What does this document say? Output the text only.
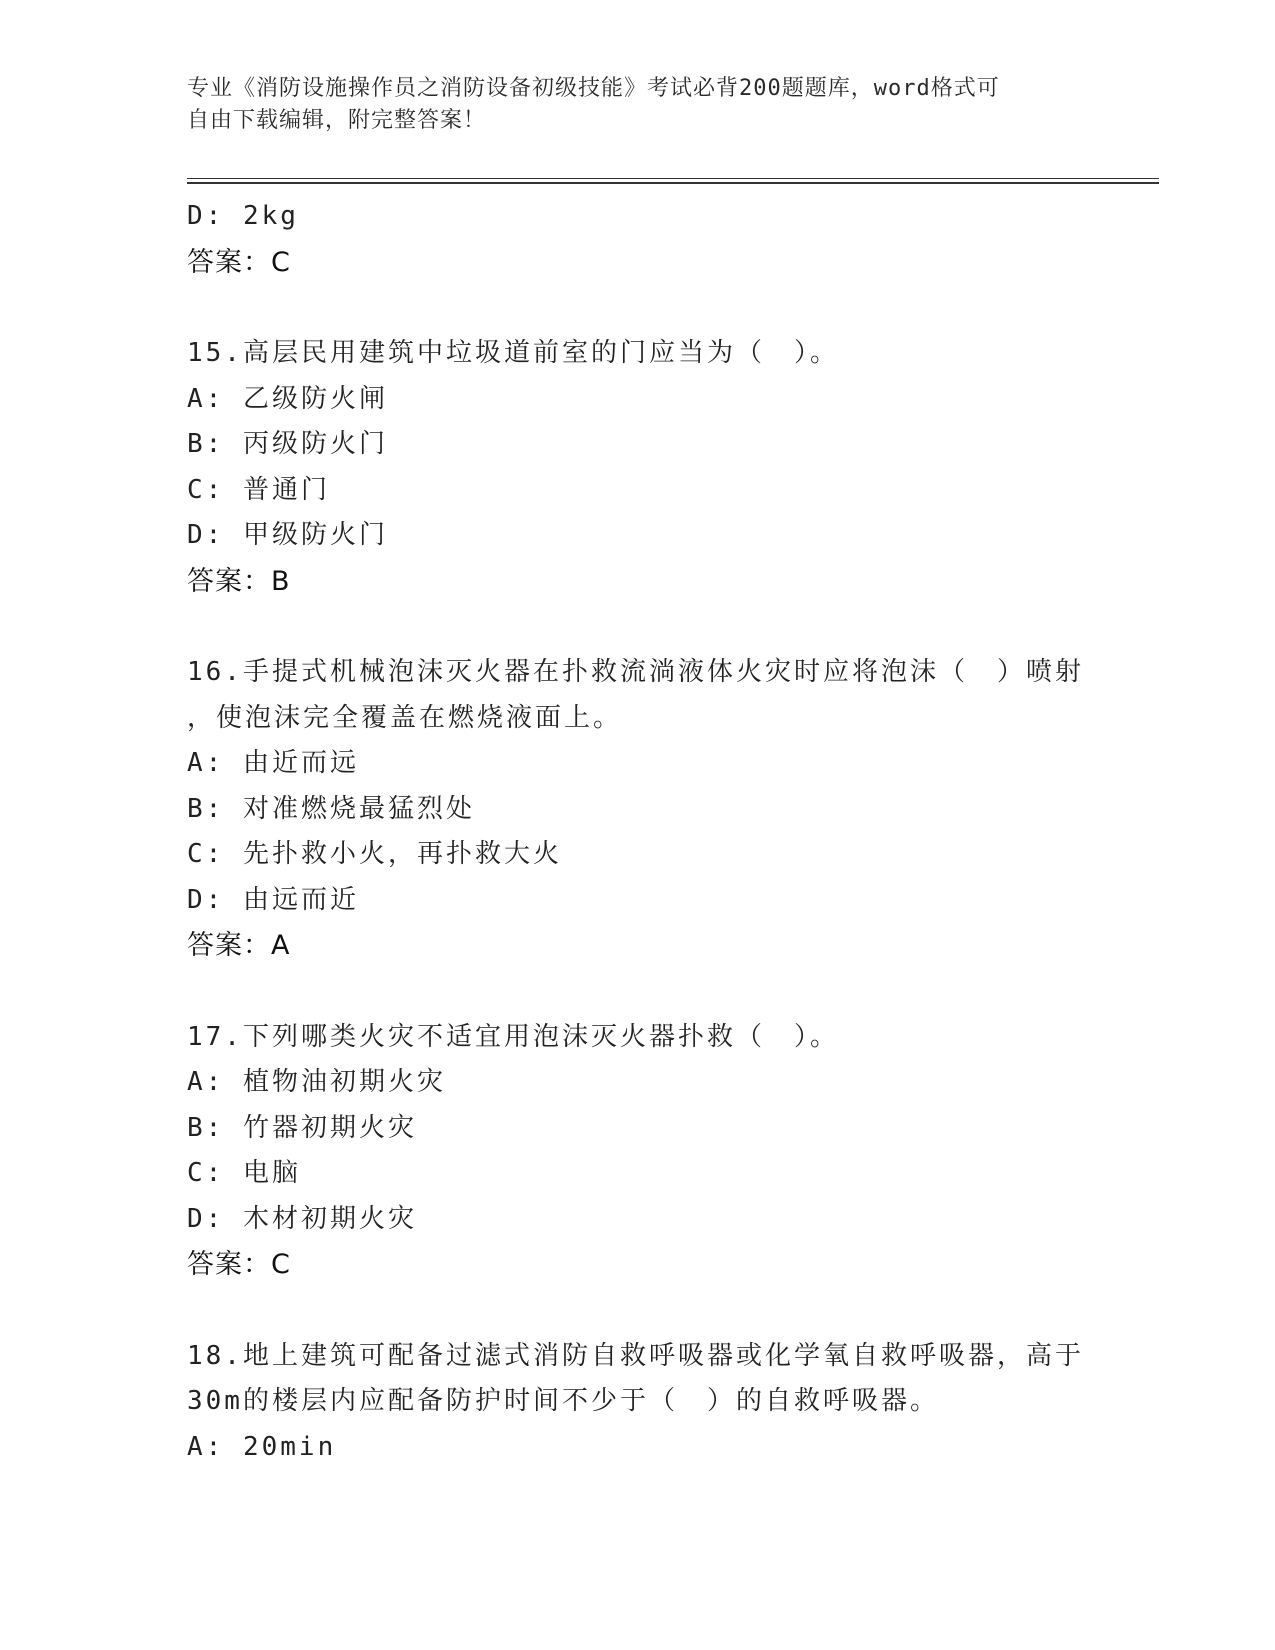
专业《消防设施操作员之消防设备初级技能》考试必背200题题库，word格式可
自由下载编辑，附完整答案！
D: 2kg
答案：C
15.高层民用建筑中垃圾道前室的门应当为（　）。
A: 乙级防火闸
B: 丙级防火门
C: 普通门
D: 甲级防火门
答案：B
16.手提式机械泡沫灭火器在扑救流淌液体火灾时应将泡沫（　）喷射
，使泡沫完全覆盖在燃烧液面上。
A: 由近而远
B: 对准燃烧最猛烈处
C: 先扑救小火，再扑救大火
D: 由远而近
答案：A
17.下列哪类火灾不适宜用泡沫灭火器扑救（　）。
A: 植物油初期火灾
B: 竹器初期火灾
C: 电脑
D: 木材初期火灾
答案：C
18.地上建筑可配备过滤式消防自救呼吸器或化学氧自救呼吸器，高于
30m的楼层内应配备防护时间不少于（　）的自救呼吸器。
A: 20min
